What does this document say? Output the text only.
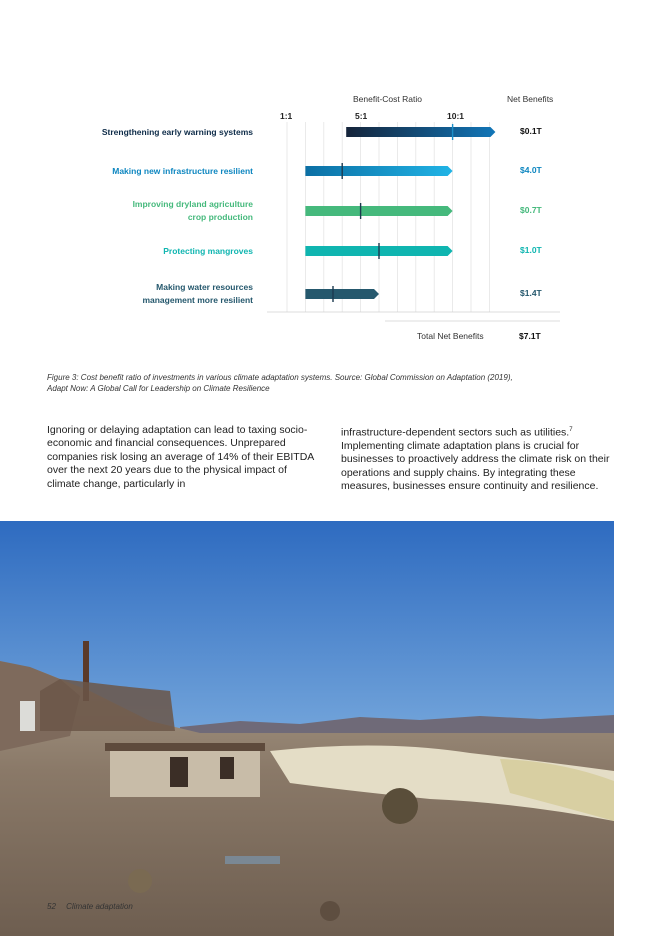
Benefit-Cost Ratio	Net Benefits
1:1	5:1	10:1
Strengthening early warning systems	$0.1T
Making new infrastructure resilient	$4.0T
Improving dryland agriculture
crop production
$0.7T
Protecting mangroves	$1.0T
Making water resources
management more resilient
$1.4T
Total Net Benefits	$7.1T
Figure 3: Cost benefit ratio of investments in various climate adaptation systems. Source: Global Commission on Adaptation (2019),
Adapt Now: A Global Call for Leadership on Climate Resilience
Ignoring or delaying adaptation can lead to taxing socio-economic and financial consequences. Unprepared companies risk losing an average of 14% of their EBITDA over the next 20 years due to the physical impact of climate change, particularly in
infrastructure-dependent sectors such as utilities.$^7$ Implementing climate adaptation plans is crucial for businesses to proactively address the climate risk on their operations and supply chains. By integrating these measures, businesses ensure continuity and resilience.
52 Climate adaptation
